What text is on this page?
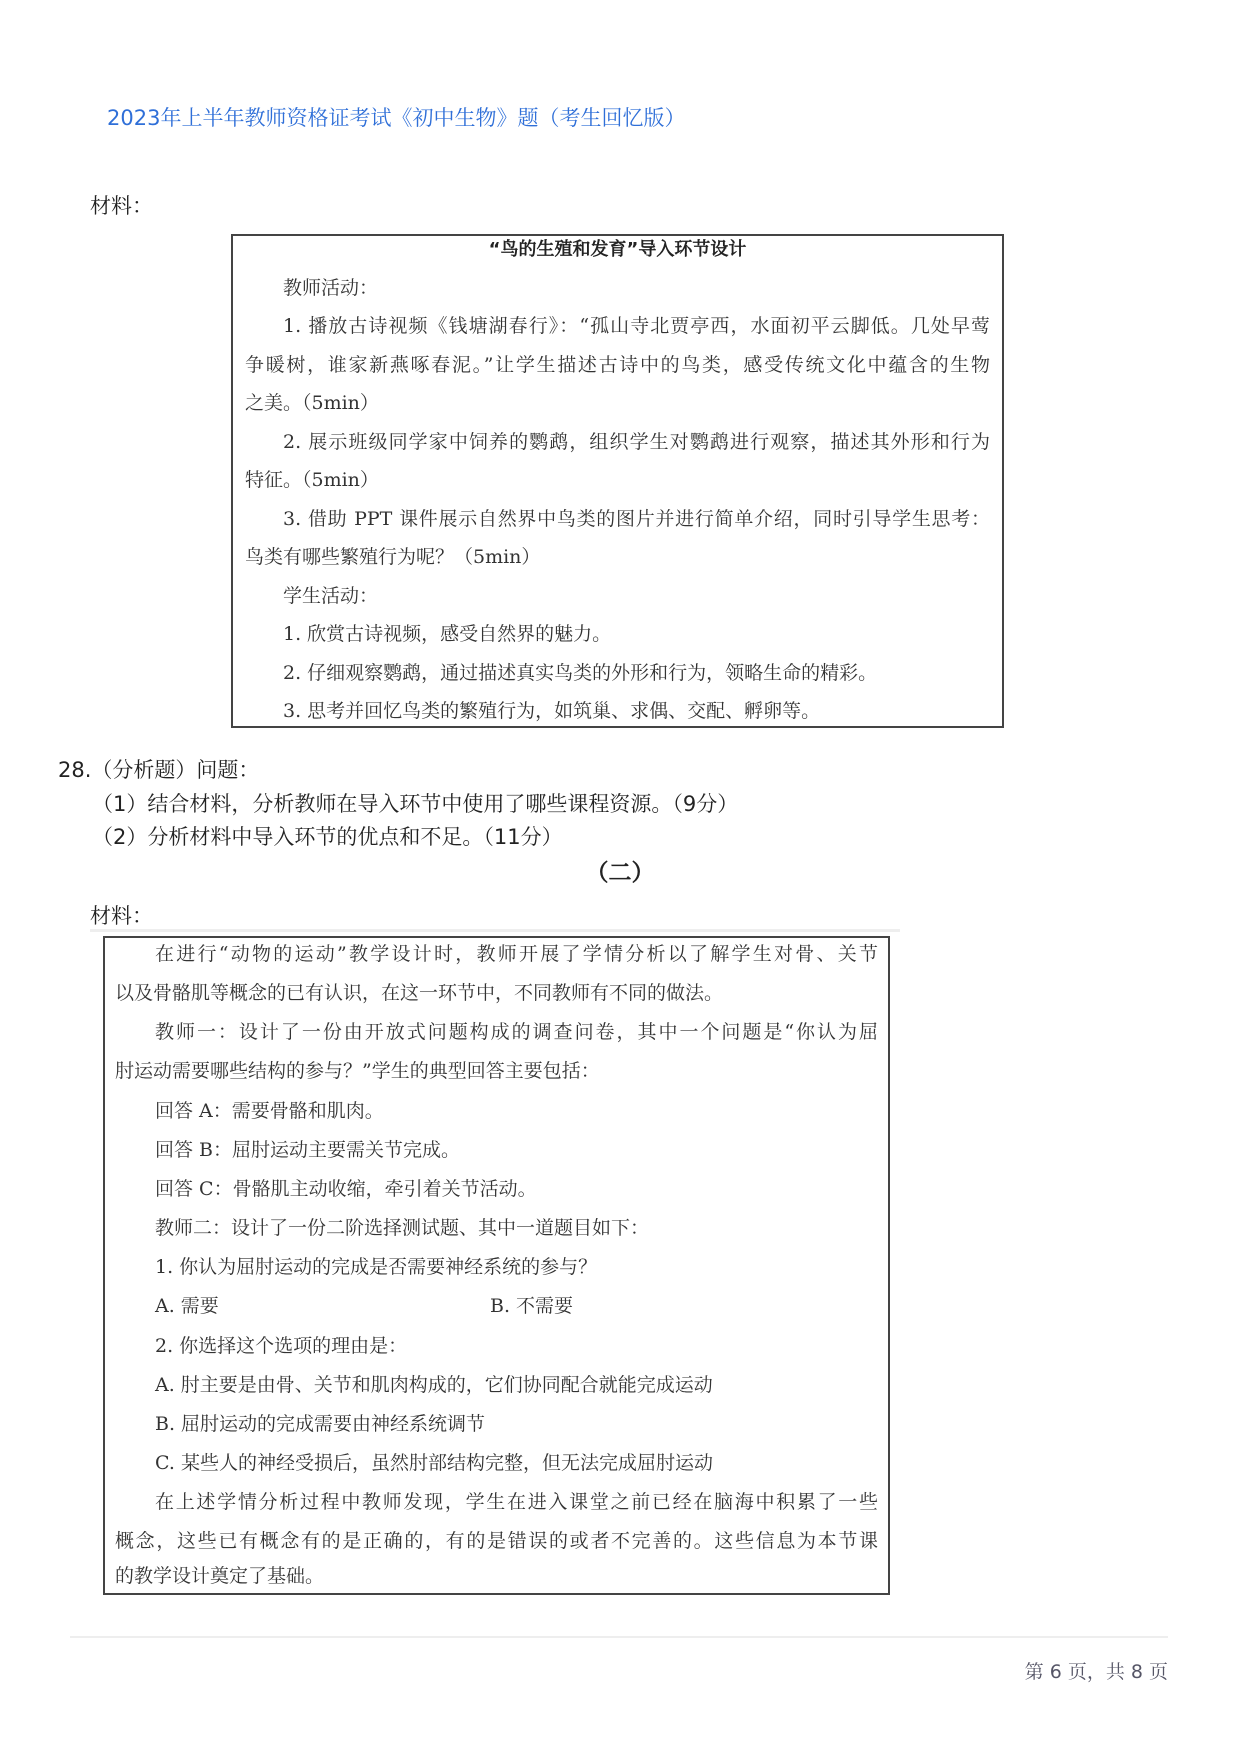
2023年上半年教师资格证考试《初中生物》题（考生回忆版）
材料：
“鸟的生殖和发育”导入环节设计
教师活动：
1. 播放古诗视频《钱塘湖春行》：“孤山寺北贾亭西，水面初平云脚低。几处早莺
争暖树，谁家新燕啄春泥。”让学生描述古诗中的鸟类，感受传统文化中蕴含的生物
之美。（5min）
2. 展示班级同学家中饲养的鹦鹉，组织学生对鹦鹉进行观察，描述其外形和行为
特征。（5min）
3. 借助 PPT 课件展示自然界中鸟类的图片并进行简单介绍，同时引导学生思考：
鸟类有哪些繁殖行为呢？（5min）
学生活动：
1. 欣赏古诗视频，感受自然界的魅力。
2. 仔细观察鹦鹉，通过描述真实鸟类的外形和行为，领略生命的精彩。
3. 思考并回忆鸟类的繁殖行为，如筑巢、求偶、交配、孵卵等。
28.（分析题）问题：
（1）结合材料，分析教师在导入环节中使用了哪些课程资源。（9分）
（2）分析材料中导入环节的优点和不足。（11分）
（二）
材料：
在进行“动物的运动”教学设计时，教师开展了学情分析以了解学生对骨、关节
以及骨骼肌等概念的已有认识，在这一环节中，不同教师有不同的做法。
教师一：设计了一份由开放式问题构成的调查问卷，其中一个问题是“你认为屈
肘运动需要哪些结构的参与？”学生的典型回答主要包括：
回答 A：需要骨骼和肌肉。
回答 B：屈肘运动主要需关节完成。
回答 C：骨骼肌主动收缩，牵引着关节活动。
教师二：设计了一份二阶选择测试题、其中一道题目如下：
1. 你认为屈肘运动的完成是否需要神经系统的参与？
A. 需要	B. 不需要
2. 你选择这个选项的理由是：
A. 肘主要是由骨、关节和肌肉构成的，它们协同配合就能完成运动
B. 屈肘运动的完成需要由神经系统调节
C. 某些人的神经受损后，虽然肘部结构完整，但无法完成屈肘运动
在上述学情分析过程中教师发现，学生在进入课堂之前已经在脑海中积累了一些
概念，这些已有概念有的是正确的，有的是错误的或者不完善的。这些信息为本节课
的教学设计奠定了基础。
第 6 页，共 8 页
